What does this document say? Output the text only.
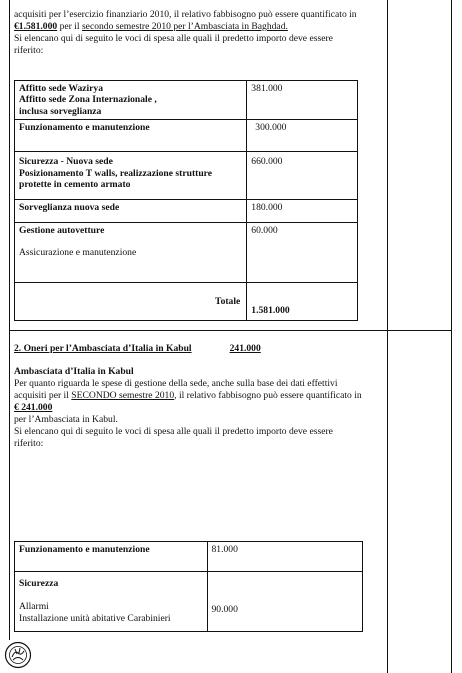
acquisiti per l’esercizio finanziario 2010, il relativo fabbisogno può essere quantificato in
€1.581.000 per il secondo semestre 2010 per l’Ambasciata in Baghdad.
Si elencano qui di seguito le voci di spesa alle quali il predetto importo deve essere
riferito:
Affitto sede Wazirya
Affitto sede Zona Internazionale ,
inclusa sorveglianza	381.000

Funzionamento e manutenzione	300.000

Sicurezza - Nuova sede
Posizionamento T walls, realizzazione strutture
protette in cemento armato	660.000

Sorveglianza nuova sede	180.000

Gestione autovetture
Assicurazione e manutenzione	60.000
Totale	1.581.000
2. Oneri per l’Ambasciata d’Italia in Kabul	241.000
Ambasciata d’Italia in Kabul
Per quanto riguarda le spese di gestione della sede, anche sulla base dei dati effettivi
acquisiti per il SECONDO semestre 2010, il relativo fabbisogno può essere quantificato in
€ 241.000
per l’Ambasciata in Kabul.
Si elencano qui di seguito le voci di spesa alle quali il predetto importo deve essere
riferito:
Funzionamento e manutenzione	81.000

Sicurezza
Allarmi
Installazione unità abitative Carabinieri	90.000
